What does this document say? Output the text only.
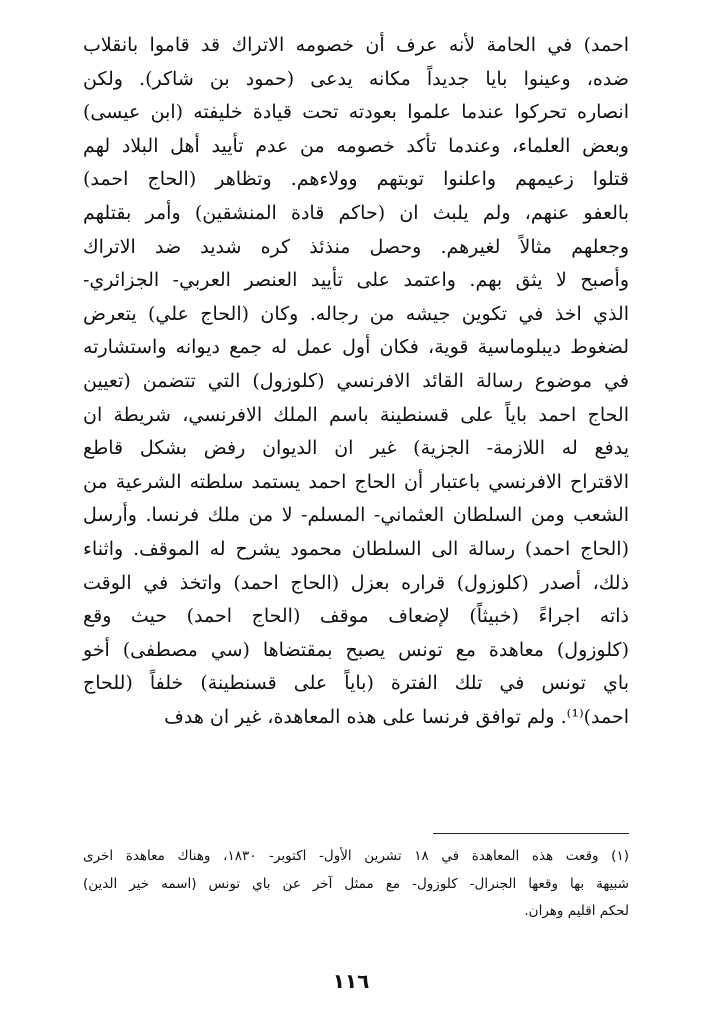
احمد) في الحامة لأنه عرف أن خصومه الاتراك قد قاموا بانقلاب
ضده، وعينوا بايا جديداً مكانه يدعى (حمود بن شاكر). ولكن
انصاره تحركوا عندما علموا بعودته تحت قيادة خليفته (ابن عيسى)
وبعض العلماء، وعندما تأكد خصومه من عدم تأييد أهل البلاد لهم
قتلوا زعيمهم واعلنوا توبتهم وولاءهم. وتظاهر (الحاج احمد)
بالعفو عنهم، ولم يلبث ان (حاكم قادة المنشقين) وأمر بقتلهم
وجعلهم مثالاً لغيرهم. وحصل منذئذ كره شديد ضد الاتراك
وأصبح لا يثق بهم. واعتمد على تأييد العنصر العربي- الجزائري-
الذي اخذ في تكوين جيشه من رجاله. وكان (الحاج علي) يتعرض
لضغوط ديبلوماسية قوية، فكان أول عمل له جمع ديوانه واستشارته
في موضوع رسالة القائد الافرنسي (كلوزول) التي تتضمن (تعيين
الحاج احمد باياً على قسنطينة باسم الملك الافرنسي، شريطة ان
يدفع له اللازمة- الجزية) غير ان الديوان رفض بشكل قاطع
الاقتراح الافرنسي باعتبار أن الحاج احمد يستمد سلطته الشرعية من
الشعب ومن السلطان العثماني- المسلم- لا من ملك فرنسا. وأرسل
(الحاج احمد) رسالة الى السلطان محمود يشرح له الموقف. واثناء
ذلك، أصدر (كلوزول) قراره بعزل (الحاج احمد) واتخذ في الوقت
ذاته اجراءً (خبيثاً) لإضعاف موقف (الحاج احمد) حيث وقع
(كلوزول) معاهدة مع تونس يصبح بمقتضاها (سي مصطفى) أخو
باي تونس في تلك الفترة (باياً على قسنطينة) خلفاً (للحاج
احمد)⁽¹⁾. ولم توافق فرنسا على هذه المعاهدة، غير ان هدف
(١) وقعت هذه المعاهدة في ١٨ تشرين الأول- اكتوبر- ١٨٣٠، وهناك معاهدة اخرى
شبيهة بها وقعها الجنرال- كلوزول- مع ممثل آخر عن باي تونس (اسمه خير الدين)
لحكم اقليم وهران.
١١٦
